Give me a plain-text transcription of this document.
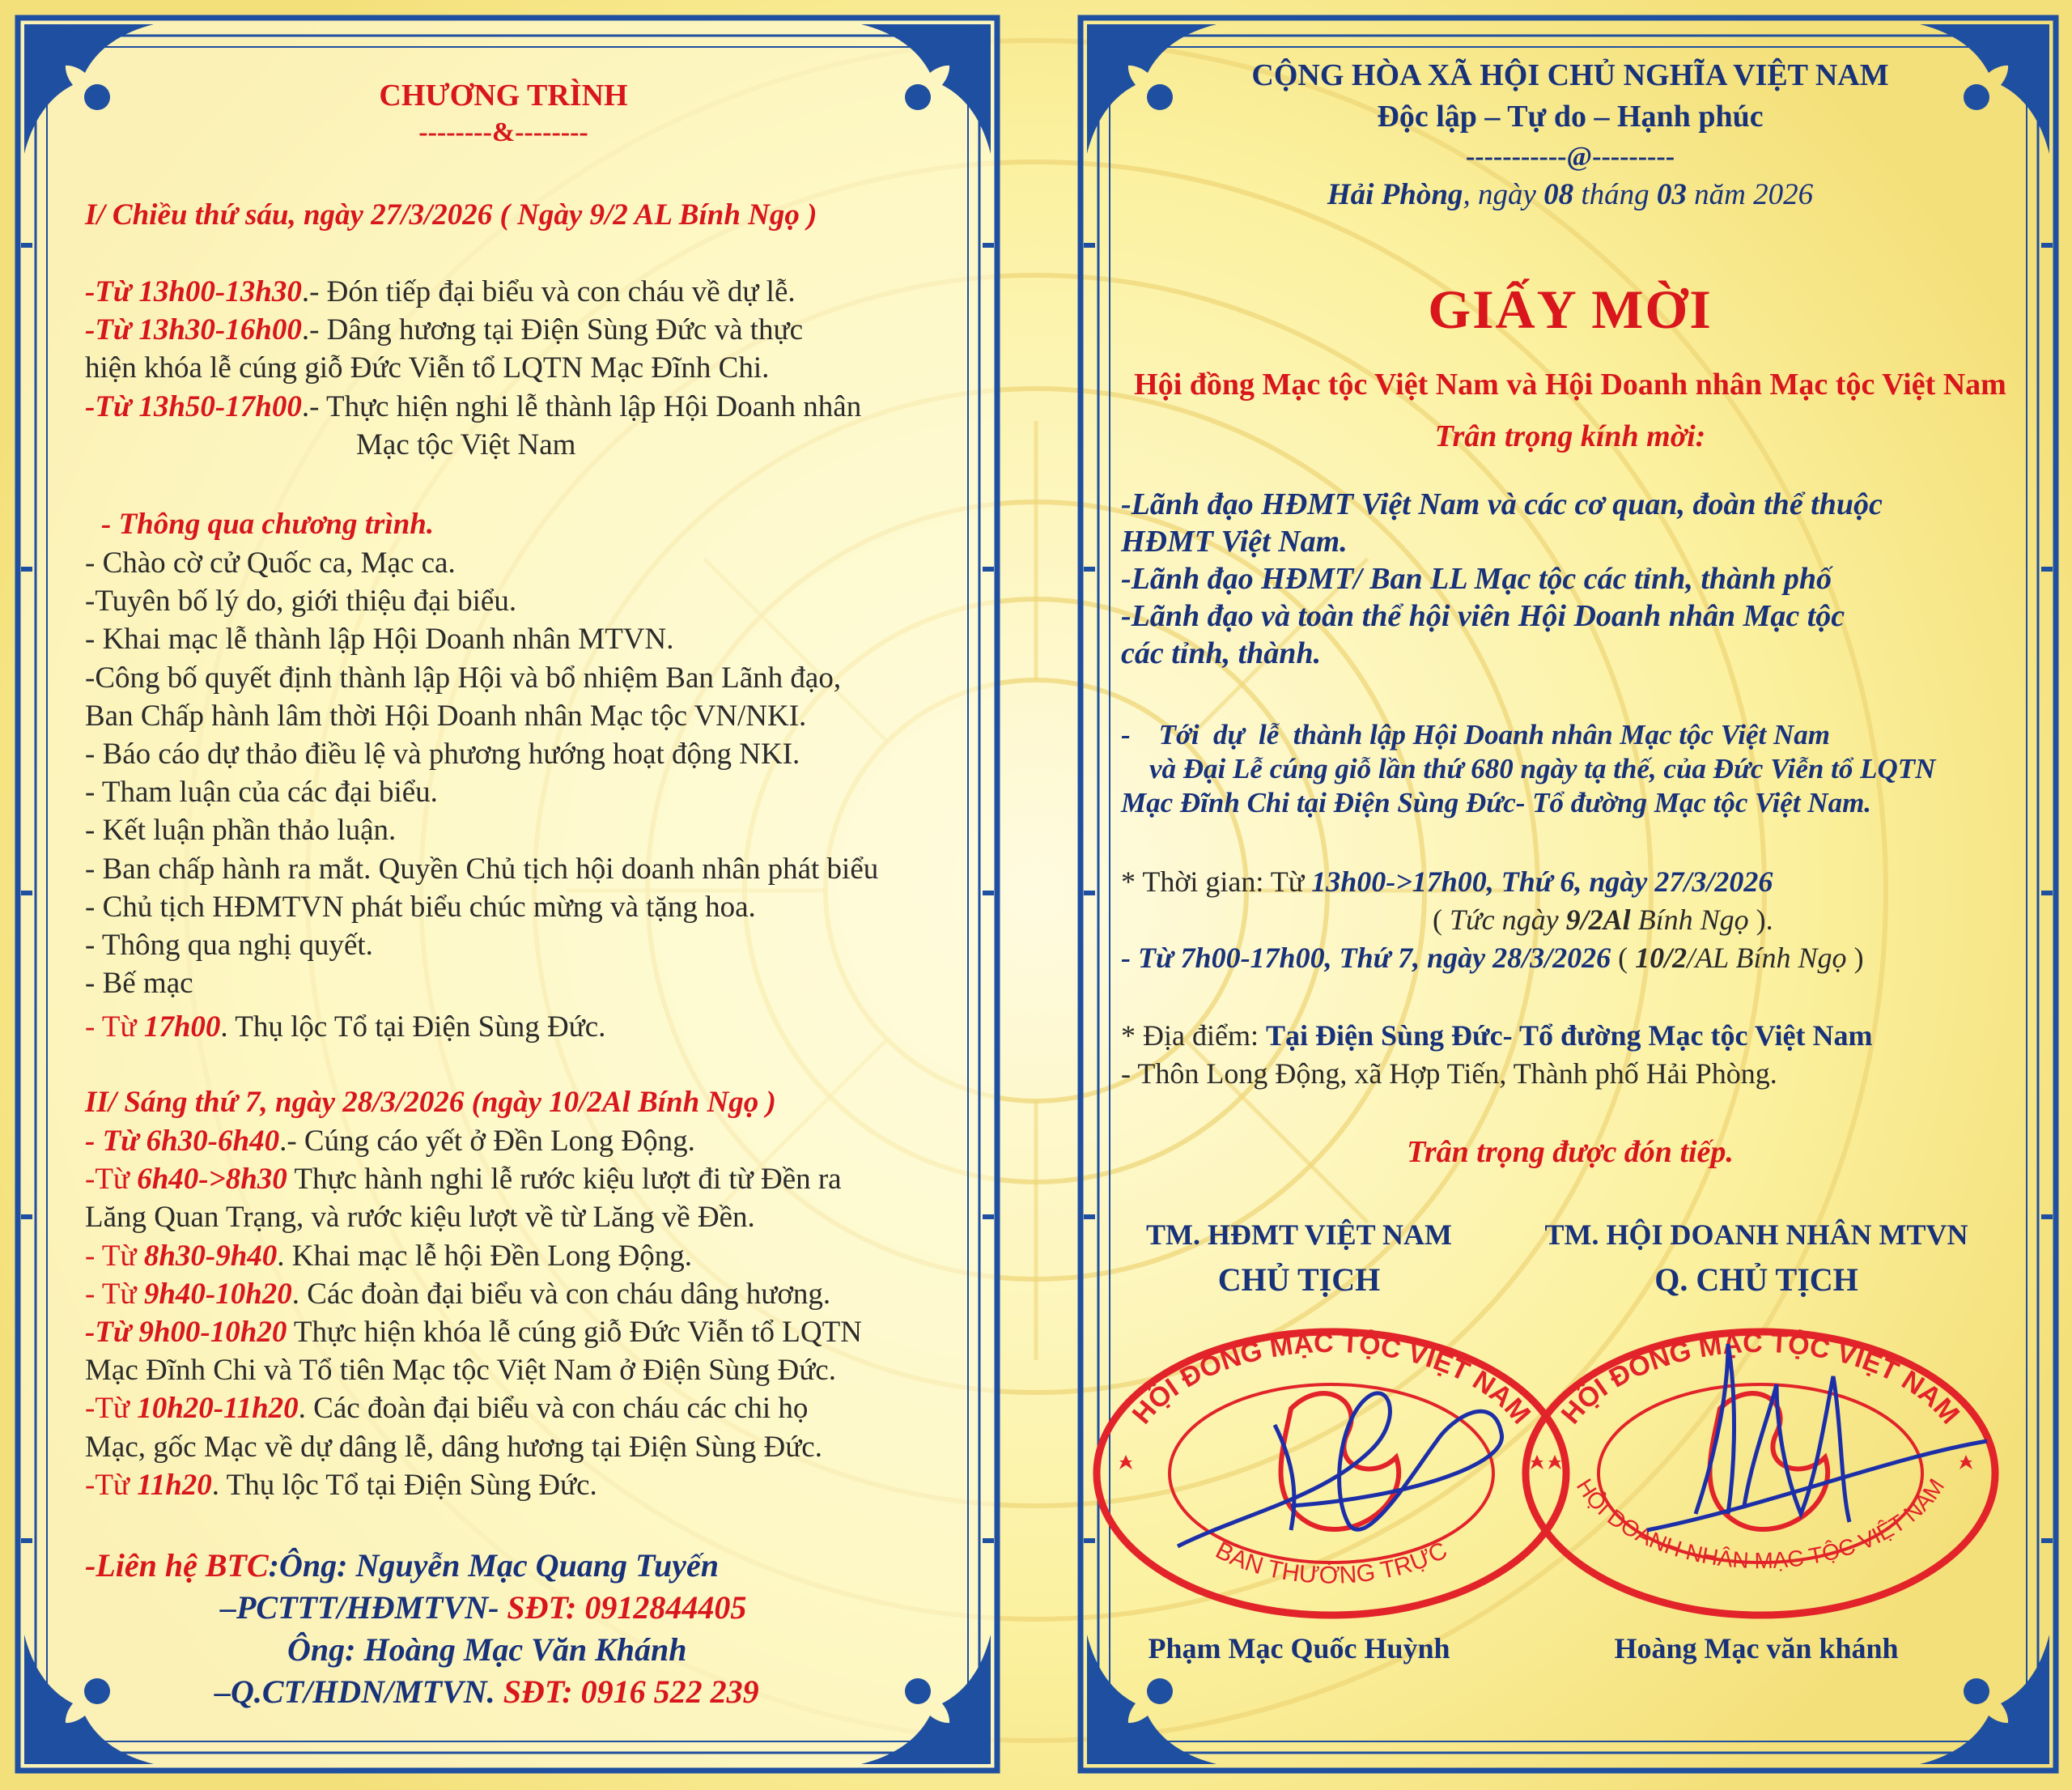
CHƯƠNG TRÌNH
--------&--------
I/ Chiều thứ sáu, ngày 27/3/2026 ( Ngày 9/2 AL Bính Ngọ )
-Từ 13h00-13h30.- Đón tiếp đại biểu và con cháu về dự lễ.
-Từ 13h30-16h00.- Dâng hương tại Điện Sùng Đức và thực
hiện khóa lễ cúng giỗ Đức Viễn tổ LQTN Mạc Đĩnh Chi.
-Từ 13h50-17h00.- Thực hiện nghi lễ thành lập Hội Doanh nhân
Mạc tộc Việt Nam
- Thông qua chương trình.
- Chào cờ cử Quốc ca, Mạc ca.
-Tuyên bố lý do, giới thiệu đại biểu.
- Khai mạc lễ thành lập Hội Doanh nhân MTVN.
-Công bố quyết định thành lập Hội và bổ nhiệm Ban Lãnh đạo,
Ban Chấp hành lâm thời Hội Doanh nhân Mạc tộc VN/NKI.
- Báo cáo dự thảo điều lệ và phương hướng hoạt động NKI.
- Tham luận của các đại biểu.
- Kết luận phần thảo luận.
- Ban chấp hành ra mắt. Quyền Chủ tịch hội doanh nhân phát biểu
- Chủ tịch HĐMTVN phát biểu chúc mừng và tặng hoa.
- Thông qua nghị quyết.
- Bế mạc
- Từ 17h00. Thụ lộc Tổ tại Điện Sùng Đức.
II/ Sáng thứ 7, ngày 28/3/2026 (ngày 10/2Al Bính Ngọ )
- Từ 6h30-6h40.- Cúng cáo yết ở Đền Long Động.
-Từ 6h40->8h30 Thực hành nghi lễ rước kiệu lượt đi từ Đền ra
Lăng Quan Trạng, và rước kiệu lượt về từ Lăng về Đền.
- Từ 8h30-9h40. Khai mạc lễ hội Đền Long Động.
- Từ 9h40-10h20. Các đoàn đại biểu và con cháu dâng hương.
-Từ 9h00-10h20 Thực hiện khóa lễ cúng giỗ Đức Viễn tổ LQTN
Mạc Đĩnh Chi và Tổ tiên Mạc tộc Việt Nam ở Điện Sùng Đức.
-Từ 10h20-11h20. Các đoàn đại biểu và con cháu các chi họ
Mạc, gốc Mạc về dự dâng lễ, dâng hương tại Điện Sùng Đức.
-Từ 11h20. Thụ lộc Tổ tại Điện Sùng Đức.
-Liên hệ BTC:Ông: Nguyễn Mạc Quang Tuyến
–PCTTT/HĐMTVN- SĐT: 0912844405
Ông: Hoàng Mạc Văn Khánh
–Q.CT/HDN/MTVN. SĐT: 0916 522 239
CỘNG HÒA XÃ HỘI CHỦ NGHĨA VIỆT NAM
Độc lập – Tự do – Hạnh phúc
-----------@---------
Hải Phòng, ngày 08 tháng 03 năm 2026
GIẤY MỜI
Hội đồng Mạc tộc Việt Nam và Hội Doanh nhân Mạc tộc Việt Nam
Trân trọng kính mời:
-Lãnh đạo HĐMT Việt Nam và các cơ quan, đoàn thể thuộc
HĐMT Việt Nam.
-Lãnh đạo HĐMT/ Ban LL Mạc tộc các tỉnh, thành phố
-Lãnh đạo và toàn thể hội viên Hội Doanh nhân Mạc tộc
các tỉnh, thành.
-    Tới  dự  lễ  thành lập Hội Doanh nhân Mạc tộc Việt Nam
và Đại Lễ cúng giỗ lần thứ 680 ngày tạ thế, của Đức Viễn tổ LQTN
Mạc Đĩnh Chi tại Điện Sùng Đức- Tổ đường Mạc tộc Việt Nam.
* Thời gian: Từ 13h00->17h00, Thứ 6, ngày 27/3/2026
( Tức ngày 9/2Al Bính Ngọ ).
- Từ 7h00-17h00, Thứ 7, ngày 28/3/2026 ( 10/2/AL Bính Ngọ )
* Địa điểm: Tại Điện Sùng Đức- Tổ đường Mạc tộc Việt Nam
- Thôn Long Động, xã Hợp Tiến, Thành phố Hải Phòng.
Trân trọng được đón tiếp.
TM. HĐMT VIỆT NAM
CHỦ TỊCH
TM. HỘI DOANH NHÂN MTVN
Q. CHỦ TỊCH
HỘI ĐỒNG MẠC TỘC VIỆT NAM
BAN THƯỜNG TRỰC
HỘI ĐỒNG MẠC TỘC VIỆT NAM
HỘI DOANH NHÂN MẠC TỘC VIỆT NAM
Phạm Mạc Quốc Huỳnh	Hoàng Mạc văn khánh
